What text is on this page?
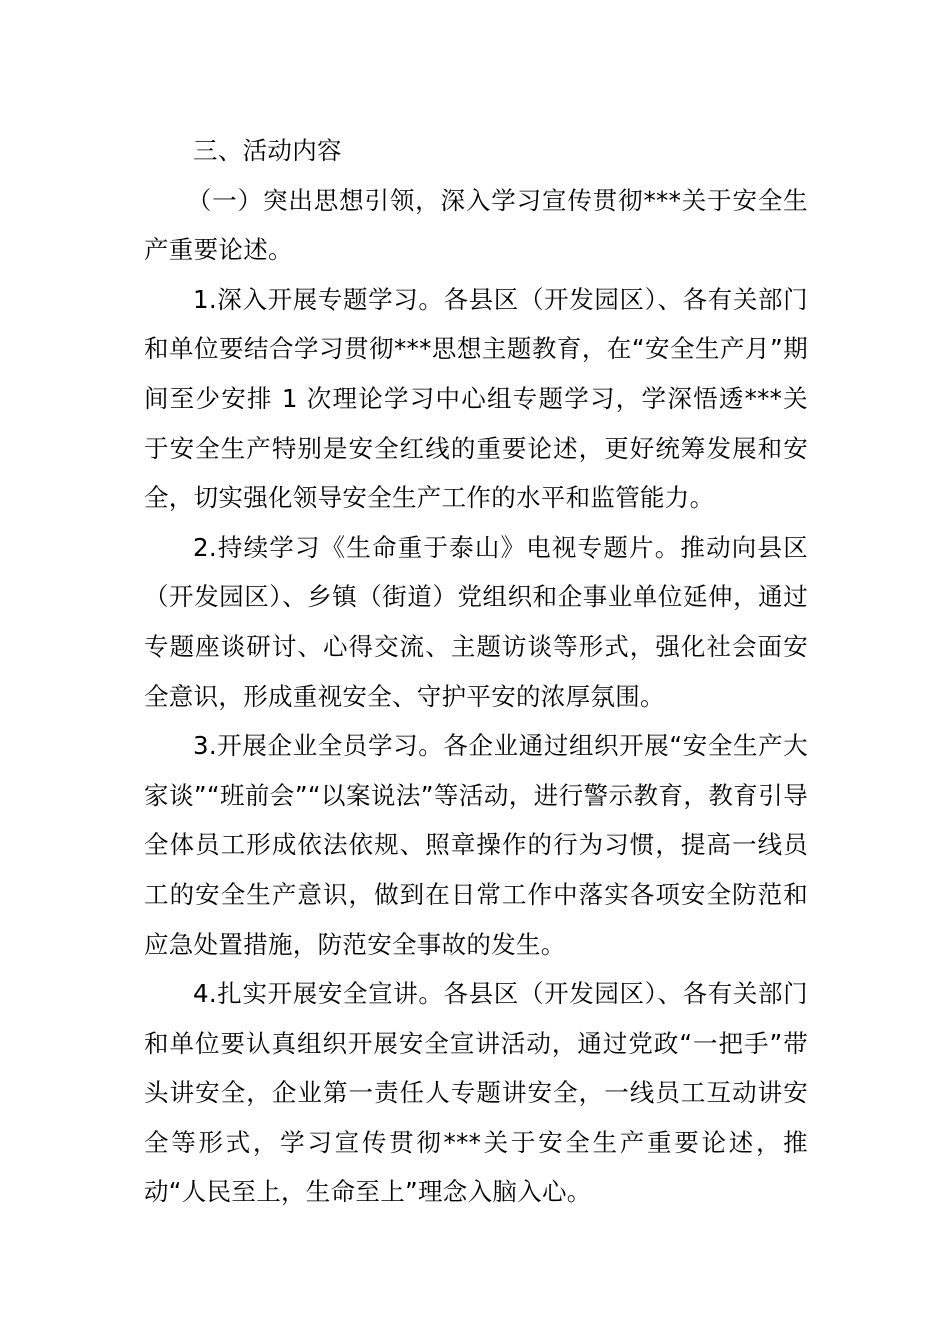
三、活动内容

（一）突出思想引领，深入学习宣传贯彻***关于安全生产重要论述。

1.深入开展专题学习。各县区（开发园区）、各有关部门和单位要结合学习贯彻***思想主题教育，在“安全生产月”期间至少安排 1 次理论学习中心组专题学习，学深悟透***关于安全生产特别是安全红线的重要论述，更好统筹发展和安全，切实强化领导安全生产工作的水平和监管能力。

2.持续学习《生命重于泰山》电视专题片。推动向县区（开发园区）、乡镇（街道）党组织和企事业单位延伸，通过专题座谈研讨、心得交流、主题访谈等形式，强化社会面安全意识，形成重视安全、守护平安的浓厚氛围。

3.开展企业全员学习。各企业通过组织开展“安全生产大家谈”“班前会”“以案说法”等活动，进行警示教育，教育引导全体员工形成依法依规、照章操作的行为习惯，提高一线员工的安全生产意识，做到在日常工作中落实各项安全防范和应急处置措施，防范安全事故的发生。

4.扎实开展安全宣讲。各县区（开发园区）、各有关部门和单位要认真组织开展安全宣讲活动，通过党政“一把手”带头讲安全，企业第一责任人专题讲安全，一线员工互动讲安全等形式，学习宣传贯彻***关于安全生产重要论述，推动“人民至上，生命至上”理念入脑入心。
